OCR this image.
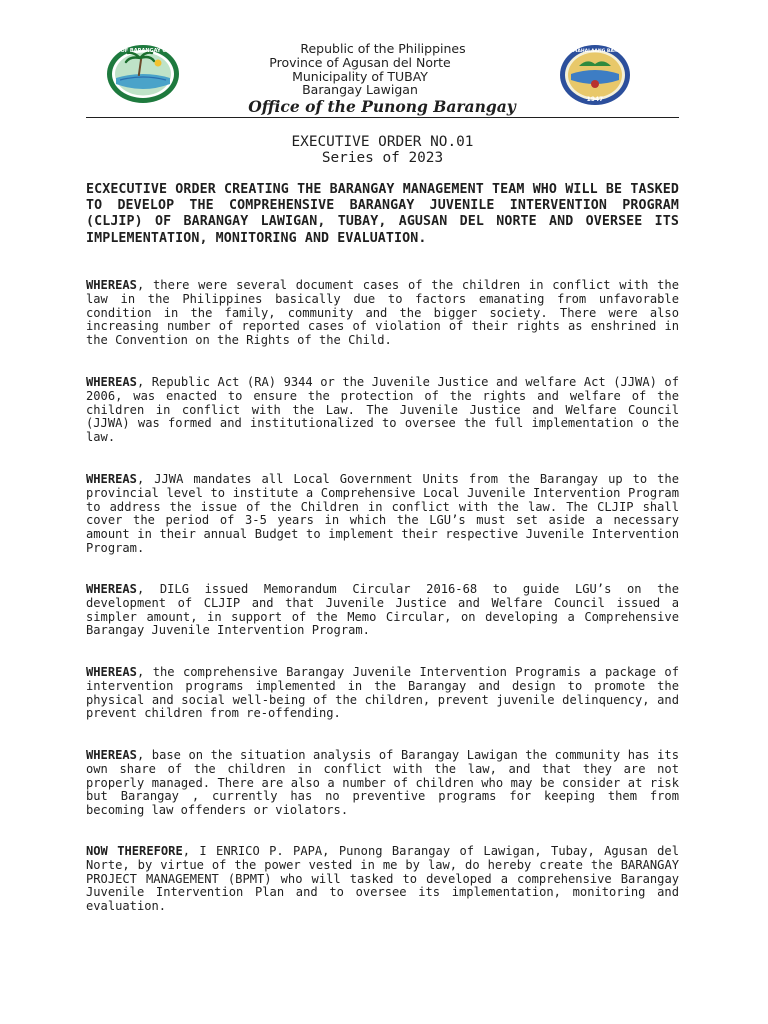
OFFICE OF BARANGAY COUNCIL
1947
PAMAHALAANG BAYAN
Republic of the Philippines
Province of Agusan del Norte
Municipality of TUBAY
Barangay Lawigan
Office of the Punong Barangay
EXECUTIVE ORDER NO.01
Series of 2023
ECXECUTIVE ORDER CREATING THE BARANGAY MANAGEMENT TEAM WHO WILL BE TASKED TO DEVELOP THE COMPREHENSIVE BARANGAY JUVENILE INTERVENTION PROGRAM (CLJIP) OF BARANGAY LAWIGAN, TUBAY, AGUSAN DEL NORTE AND OVERSEE ITS IMPLEMENTATION, MONITORING AND EVALUATION.
WHEREAS, there were several document cases of the children in conflict with the law in the Philippines basically due to factors emanating from unfavorable condition in the family, community and the bigger society. There were also increasing number of reported cases of violation of their rights as enshrined in the Convention on the Rights of the Child.
WHEREAS, Republic Act (RA) 9344 or the Juvenile Justice and welfare Act (JJWA) of 2006, was enacted to ensure the protection of the rights and welfare of the children in conflict with the Law. The Juvenile Justice and Welfare Council (JJWA) was formed and institutionalized to oversee the full implementation o the law.
WHEREAS, JJWA mandates all Local Government Units from the Barangay up to the provincial level to institute a Comprehensive Local Juvenile Intervention Program to address the issue of the Children in conflict with the law. The CLJIP shall cover the period of 3-5 years in which the LGU’s must set aside a necessary amount in their annual Budget to implement their respective Juvenile Intervention Program.
WHEREAS, DILG issued Memorandum Circular 2016-68 to guide LGU’s on the development of CLJIP and that Juvenile Justice and Welfare Council issued a simpler amount, in support of the Memo Circular, on developing a Comprehensive Barangay Juvenile Intervention Program.
WHEREAS, the comprehensive Barangay Juvenile Intervention Programis a package of intervention programs implemented in the Barangay and design to promote the physical and social well-being of the children, prevent juvenile delinquency, and prevent children from re-offending.
WHEREAS, base on the situation analysis of Barangay Lawigan the community has its own share of the children in conflict with the law, and that they are not properly managed. There are also a number of children who may be consider at risk but Barangay , currently has no preventive programs for keeping them from becoming law offenders or violators.
NOW THEREFORE, I ENRICO P. PAPA, Punong Barangay of Lawigan, Tubay, Agusan del Norte, by virtue of the power vested in me by law, do hereby create the BARANGAY PROJECT MANAGEMENT (BPMT) who will tasked to developed a comprehensive Barangay Juvenile Intervention Plan and to oversee its implementation, monitoring and evaluation.
